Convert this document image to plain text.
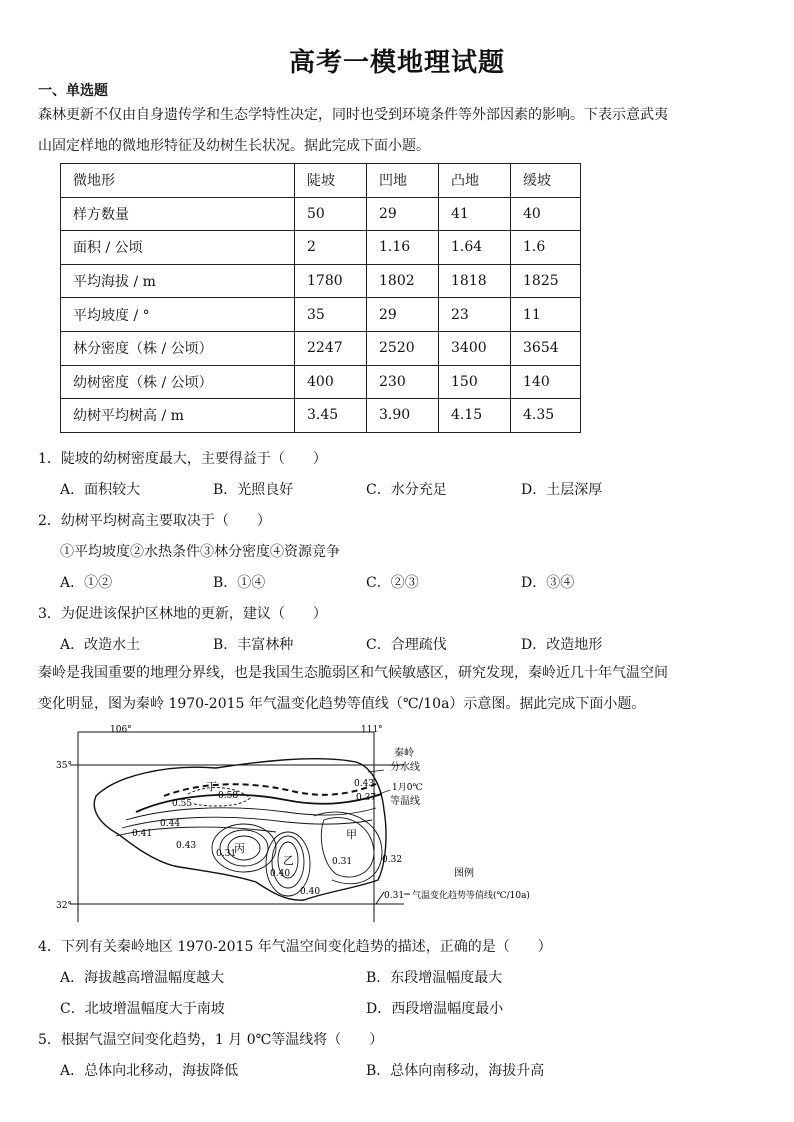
高考一模地理试题
一、单选题
森林更新不仅由自身遗传学和生态学特性决定，同时也受到环境条件等外部因素的影响。下表示意武夷
山固定样地的微地形特征及幼树生长状况。据此完成下面小题。
微地形	陡坡	凹地	凸地	缓坡
样方数量	50	29	41	40
面积 / 公顷	2	1.16	1.64	1.6
平均海拔 / m	1780	1802	1818	1825
平均坡度 / °	35	29	23	11
林分密度（株 / 公顷）	2247	2520	3400	3654
幼树密度（株 / 公顷）	400	230	150	140
幼树平均树高 / m	3.45	3.90	4.15	4.35
1．陡坡的幼树密度最大，主要得益于（　　）
A．面积较大	B．光照良好	C．水分充足	D．土层深厚
2．幼树平均树高主要取决于（　　）
①平均坡度②水热条件③林分密度④资源竞争
A．①②	B．①④	C．②③	D．③④
3．为促进该保护区林地的更新，建议（　　）
A．改造水土	B．丰富林种	C．合理疏伐	D．改造地形
秦岭是我国重要的地理分界线，也是我国生态脆弱区和气候敏感区，研究发现，秦岭近几十年气温空间
变化明显，图为秦岭 1970-2015 年气温变化趋势等值线（℃/10a）示意图。据此完成下面小题。
106°	111°
35°
32°
丁
丙
乙
甲
0.58
0.55
0.44
0.41
0.43
0.31
0.40
0.40
0.31	0.32
0.43
0.37
秦岭
分水线
1月0℃
等温线
图例
0.31 气温变化趋势等值线(℃/10a)
4．下列有关秦岭地区 1970-2015 年气温空间变化趋势的描述，正确的是（　　）
A．海拔越高增温幅度越大	B．东段增温幅度最大
C．北坡增温幅度大于南坡	D．西段增温幅度最小
5．根据气温空间变化趋势，1 月 0℃等温线将（　　）
A．总体向北移动，海拔降低	B．总体向南移动，海拔升高
